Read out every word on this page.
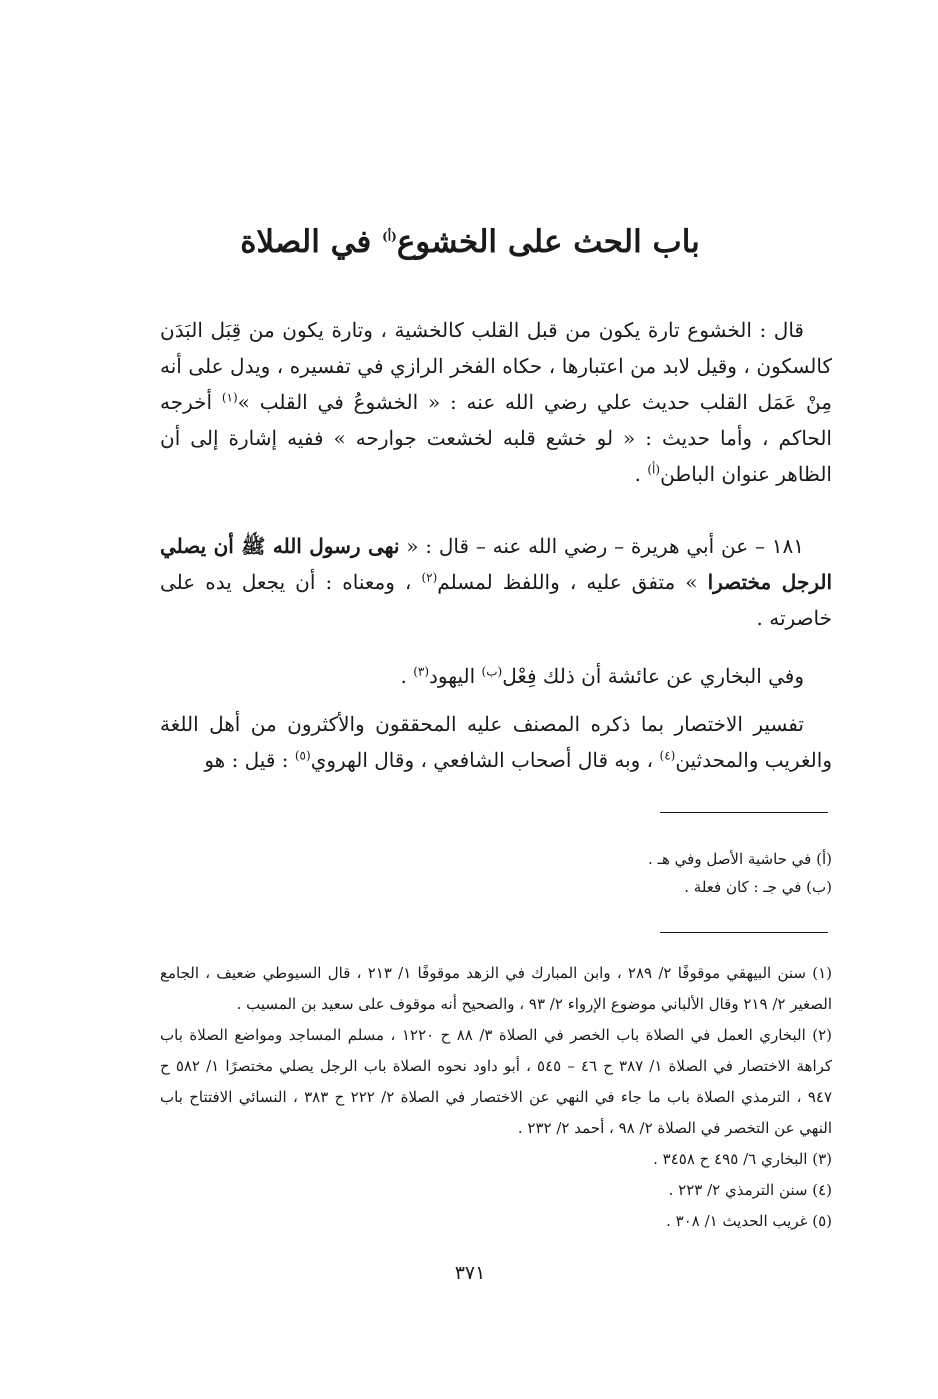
باب الحث على الخشوع$^{(أ)}$ في الصلاة

قال : الخشوع تارة يكون من قبل القلب كالخشية ، وتارة يكون من قِبَل البَدَن كالسكون ، وقيل لابد من اعتبارها ، حكاه الفخر الرازي في تفسيره ، ويدل على أنه مِنْ عَمَل القلب حديث علي رضي الله عنه : « الخشوعُ في القلب »$^{(١)}$ أخرجه الحاكم ، وأما حديث : « لو خشع قلبه لخشعت جوارحه » ففيه إشارة إلى أن الظاهر عنوان الباطن$^{(أ)}$ .

١٨١ – عن أبي هريرة – رضي الله عنه – قال : « نهى رسول الله ﷺ أن يصلي الرجل مختصرا » متفق عليه ، واللفظ لمسلم$^{(٢)}$ ، ومعناه : أن يجعل يده على خاصرته .

وفي البخاري عن عائشة أن ذلك فِعْل$^{(ب)}$ اليهود$^{(٣)}$ .

تفسير الاختصار بما ذكره المصنف عليه المحققون والأكثرون من أهل اللغة والغريب والمحدثين$^{(٤)}$ ، وبه قال أصحاب الشافعي ، وقال الهروي$^{(٥)}$ : قيل : هو

(أ) في حاشية الأصل وفي هـ .

(ب) في جـ : كان فعلة .

(١) سنن البيهقي موقوفًا ٢/ ٢٨٩ ، وابن المبارك في الزهد موقوفًا ١/ ٢١٣ ، قال السيوطي ضعيف ، الجامع الصغير ٢/ ٢١٩ وقال الألباني موضوع الإرواء ٢/ ٩٣ ، والصحيح أنه موقوف على سعيد بن المسيب .

(٢) البخاري العمل في الصلاة باب الخصر في الصلاة ٣/ ٨٨ ح ١٢٢٠ ، مسلم المساجد ومواضع الصلاة باب كراهة الاختصار في الصلاة ١/ ٣٨٧ ح ٤٦ – ٥٤٥ ، أبو داود نحوه الصلاة باب الرجل يصلي مختصرًا ١/ ٥٨٢ ح ٩٤٧ ، الترمذي الصلاة باب ما جاء في النهي عن الاختصار في الصلاة ٢/ ٢٢٢ ح ٣٨٣ ، النسائي الافتتاح باب النهي عن التخصر في الصلاة ٢/ ٩٨ ، أحمد ٢/ ٢٣٢ .

(٣) البخاري ٦/ ٤٩٥ ح ٣٤٥٨ .

(٤) سنن الترمذي ٢/ ٢٢٣ .

(٥) غريب الحديث ١/ ٣٠٨ .

٣٧١
